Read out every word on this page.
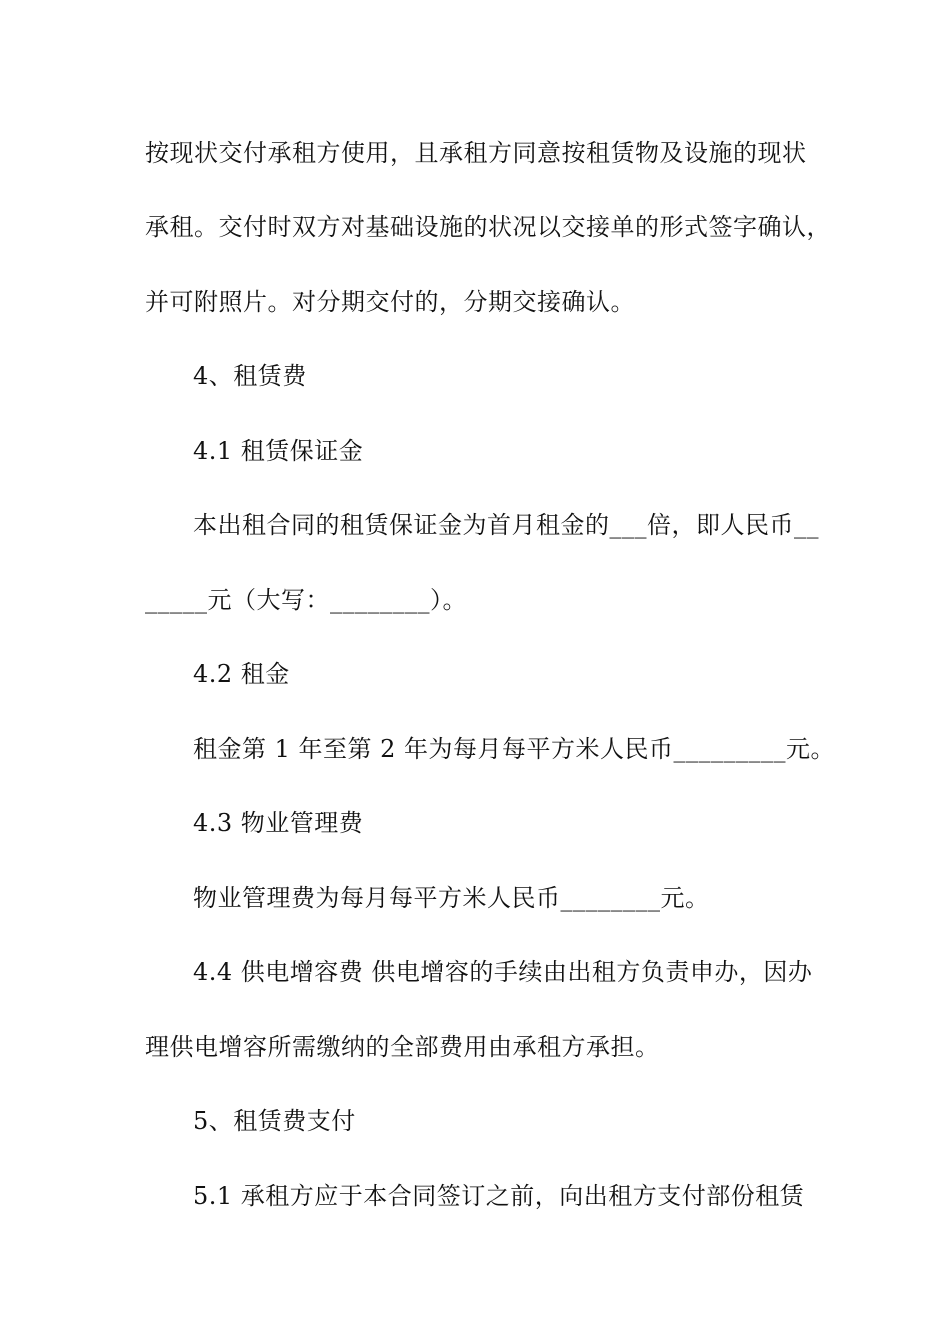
按现状交付承租方使用，且承租方同意按租赁物及设施的现状
承租。交付时双方对基础设施的状况以交接单的形式签字确认，
并可附照片。对分期交付的，分期交接确认。
4、租赁费
4.1 租赁保证金
本出租合同的租赁保证金为首月租金的___倍，即人民币__
_____元（大写：________）。
4.2 租金
租金第 1 年至第 2 年为每月每平方米人民币_________元。
4.3 物业管理费
物业管理费为每月每平方米人民币________元。
4.4 供电增容费 供电增容的手续由出租方负责申办，因办
理供电增容所需缴纳的全部费用由承租方承担。
5、租赁费支付
5.1 承租方应于本合同签订之前，向出租方支付部份租赁
